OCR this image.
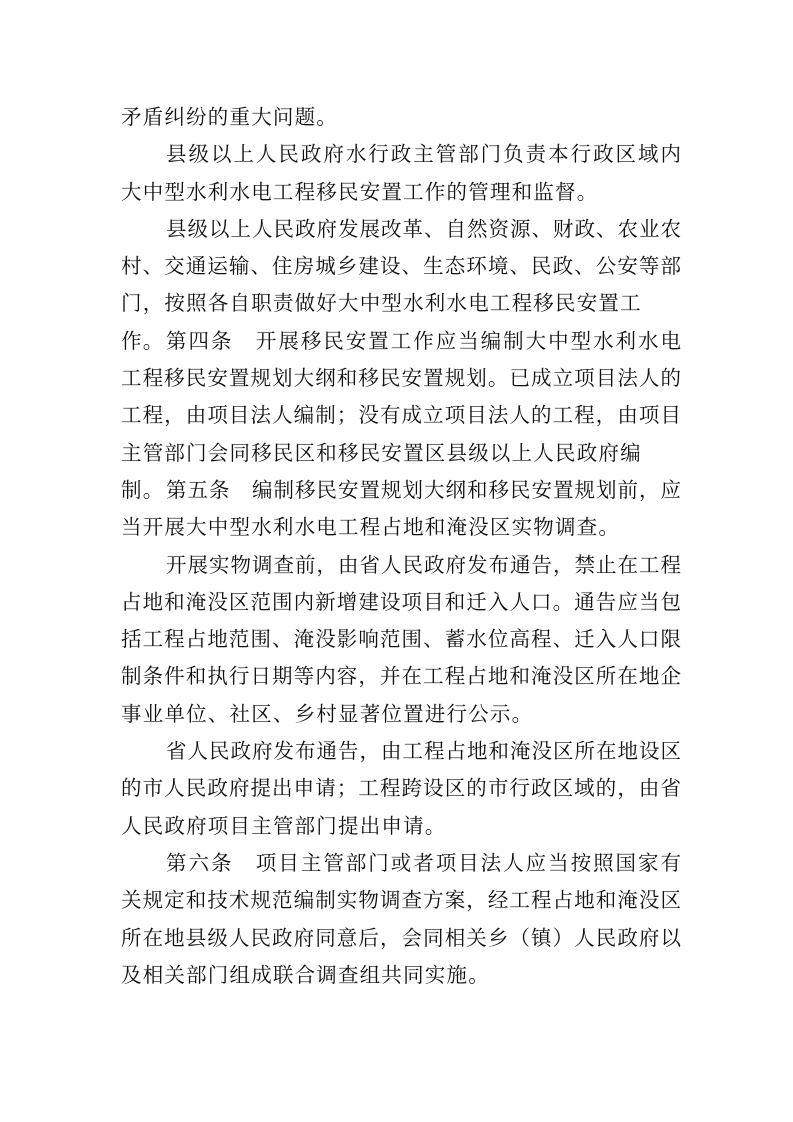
矛盾纠纷的重大问题。
县级以上人民政府水行政主管部门负责本行政区域内
大中型水利水电工程移民安置工作的管理和监督。
县级以上人民政府发展改革、自然资源、财政、农业农
村、交通运输、住房城乡建设、生态环境、民政、公安等部
门，按照各自职责做好大中型水利水电工程移民安置工作。 第四条　开展移民安置工作应当编制大中型水利水电
工程移民安置规划大纲和移民安置规划。已成立项目法人的
工程，由项目法人编制；没有成立项目法人的工程，由项目
主管部门会同移民区和移民安置区县级以上人民政府编制。 第五条　编制移民安置规划大纲和移民安置规划前，应
当开展大中型水利水电工程占地和淹没区实物调查。
开展实物调查前，由省人民政府发布通告，禁止在工程
占地和淹没区范围内新增建设项目和迁入人口。通告应当包
括工程占地范围、淹没影响范围、蓄水位高程、迁入人口限
制条件和执行日期等内容，并在工程占地和淹没区所在地企
事业单位、社区、乡村显著位置进行公示。
省人民政府发布通告，由工程占地和淹没区所在地设区
的市人民政府提出申请；工程跨设区的市行政区域的，由省
人民政府项目主管部门提出申请。
第六条　项目主管部门或者项目法人应当按照国家有
关规定和技术规范编制实物调查方案，经工程占地和淹没区
所在地县级人民政府同意后，会同相关乡（镇）人民政府以
及相关部门组成联合调查组共同实施。
